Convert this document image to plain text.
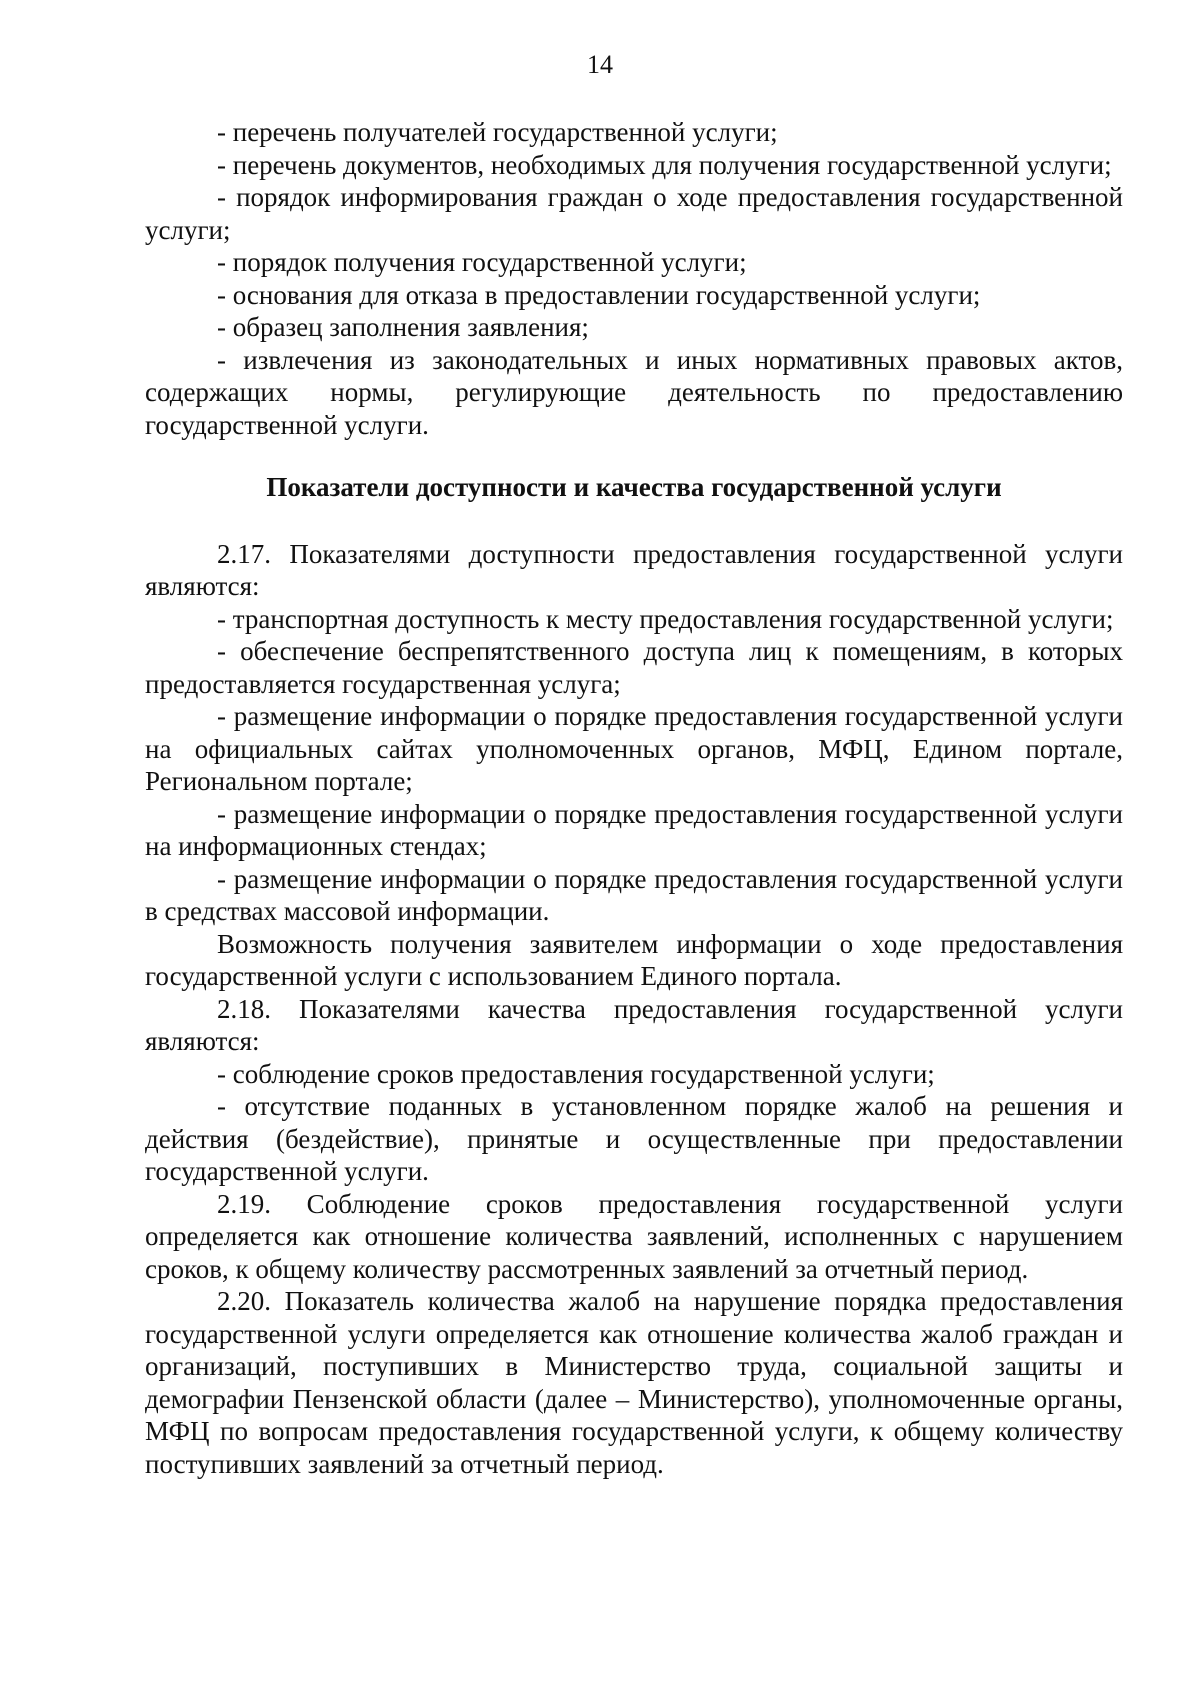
14

- перечень получателей государственной услуги;

- перечень документов, необходимых для получения государственной услуги;

- порядок информирования граждан о ходе предоставления государственной услуги;

- порядок получения государственной услуги;

- основания для отказа в предоставлении государственной услуги;

- образец заполнения заявления;

- извлечения из законодательных и иных нормативных правовых актов, содержащих нормы, регулирующие деятельность по предоставлению государственной услуги.

Показатели доступности и качества государственной услуги

2.17. Показателями доступности предоставления государственной услуги являются:

- транспортная доступность к месту предоставления государственной услуги;

- обеспечение беспрепятственного доступа лиц к помещениям, в которых предоставляется государственная услуга;

- размещение информации о порядке предоставления государственной услуги на официальных сайтах уполномоченных органов, МФЦ, Едином портале, Региональном портале;

- размещение информации о порядке предоставления государственной услуги на информационных стендах;

- размещение информации о порядке предоставления государственной услуги в средствах массовой информации.

Возможность получения заявителем информации о ходе предоставления государственной услуги с использованием Единого портала.

2.18. Показателями качества предоставления государственной услуги являются:

- соблюдение сроков предоставления государственной услуги;

- отсутствие поданных в установленном порядке жалоб на решения и действия (бездействие), принятые и осуществленные при предоставлении государственной услуги.

2.19. Соблюдение сроков предоставления государственной услуги определяется как отношение количества заявлений, исполненных с нарушением сроков, к общему количеству рассмотренных заявлений за отчетный период.

2.20. Показатель количества жалоб на нарушение порядка предоставления государственной услуги определяется как отношение количества жалоб граждан и организаций, поступивших в Министерство труда, социальной защиты и демографии Пензенской области (далее – Министерство), уполномоченные органы, МФЦ по вопросам предоставления государственной услуги, к общему количеству поступивших заявлений за отчетный период.
